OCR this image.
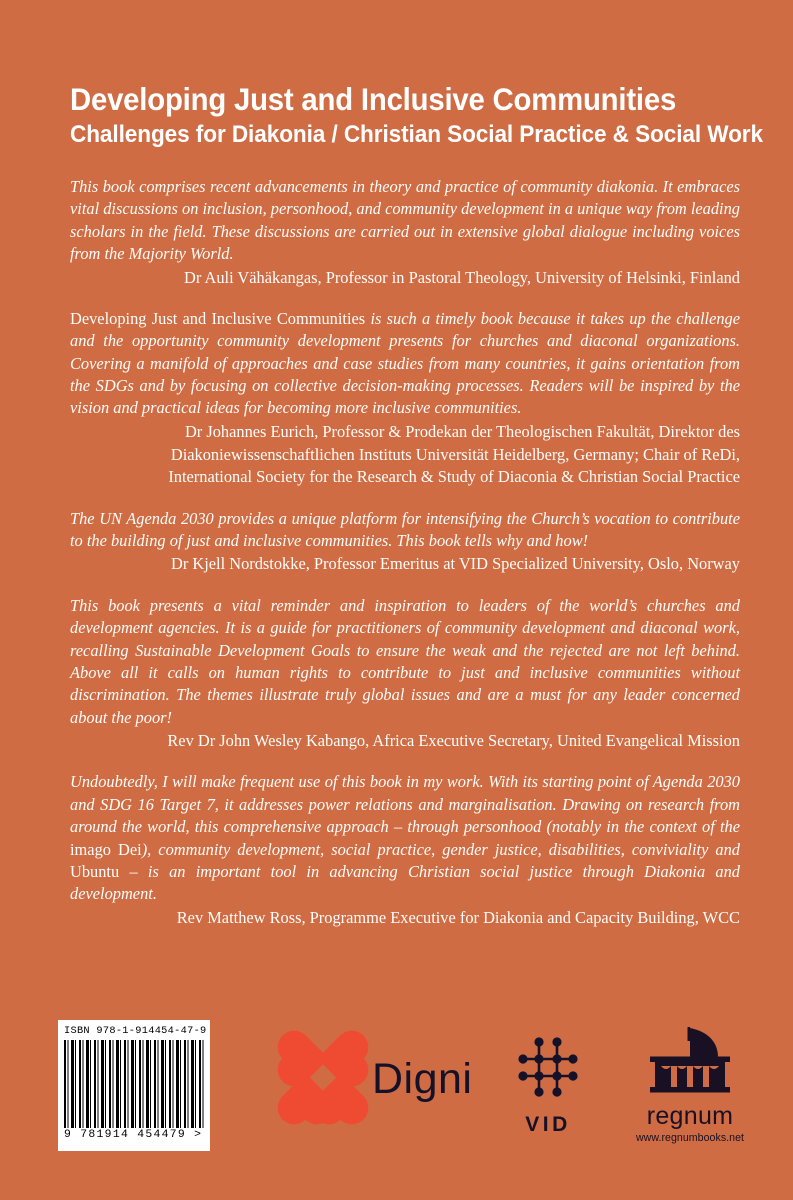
Developing Just and Inclusive Communities
Challenges for Diakonia / Christian Social Practice & Social Work
This book comprises recent advancements in theory and practice of community diakonia. It embraces vital discussions on inclusion, personhood, and community development in a unique way from leading scholars in the field. These discussions are carried out in extensive global dialogue including voices from the Majority World.
Dr Auli Vähäkangas, Professor in Pastoral Theology, University of Helsinki, Finland
Developing Just and Inclusive Communities is such a timely book because it takes up the challenge and the opportunity community development presents for churches and diaconal organizations. Covering a manifold of approaches and case studies from many countries, it gains orientation from the SDGs and by focusing on collective decision-making processes. Readers will be inspired by the vision and practical ideas for becoming more inclusive communities.
Dr Johannes Eurich, Professor & Prodekan der Theologischen Fakultät, Direktor des Diakoniewissenschaftlichen Instituts Universität Heidelberg, Germany; Chair of ReDi, International Society for the Research & Study of Diaconia & Christian Social Practice
The UN Agenda 2030 provides a unique platform for intensifying the Church’s vocation to contribute to the building of just and inclusive communities. This book tells why and how!
Dr Kjell Nordstokke, Professor Emeritus at VID Specialized University, Oslo, Norway
This book presents a vital reminder and inspiration to leaders of the world’s churches and development agencies. It is a guide for practitioners of community development and diaconal work, recalling Sustainable Development Goals to ensure the weak and the rejected are not left behind. Above all it calls on human rights to contribute to just and inclusive communities without discrimination. The themes illustrate truly global issues and are a must for any leader concerned about the poor!
Rev Dr John Wesley Kabango, Africa Executive Secretary, United Evangelical Mission
Undoubtedly, I will make frequent use of this book in my work. With its starting point of Agenda 2030 and SDG 16 Target 7, it addresses power relations and marginalisation. Drawing on research from around the world, this comprehensive approach – through personhood (notably in the context of the imago Dei), community development, social practice, gender justice, disabilities, conviviality and Ubuntu – is an important tool in advancing Christian social justice through Diakonia and development.
Rev Matthew Ross, Programme Executive for Diakonia and Capacity Building, WCC
ISBN 978-1-914454-47-9
9 781914 454479 >
Digni
VID	regnum
www.regnumbooks.net
